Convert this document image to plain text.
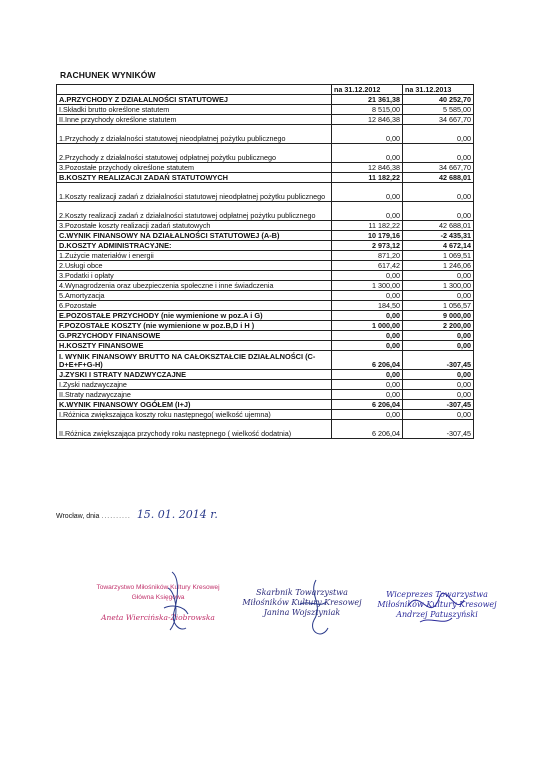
RACHUNEK WYNIKÓW
	na 31.12.2012	na 31.12.2013
A.PRZYCHODY Z DZIAŁALNOŚCI STATUTOWEJ	21 361,38	40 252,70
I.Składki brutto określone statutem	8 515,00	5 585,00
II.Inne przychody określone statutem	12 846,38	34 667,70
1.Przychody z działalności statutowej nieodpłatnej pożytku publicznego	0,00	0,00
2.Przychody z działalności statutowej odpłatnej pożytku publicznego	0,00	0,00
3.Pozostałe przychody określone statutem	12 846,38	34 667,70
B.KOSZTY REALIZACJI ZADAŃ STATUTOWYCH	11 182,22	42 688,01
1.Koszty realizacji zadań z działalności statutowej nieodpłatnej pożytku publicznego	0,00	0,00
2.Koszty realizacji zadań z działalności statutowej odpłatnej pożytku publicznego	0,00	0,00
3.Pozostałe koszty realizacji zadań statutowych	11 182,22	42 688,01
C.WYNIK FINANSOWY NA DZIAŁALNOŚCI STATUTOWEJ (A-B)	10 179,16	-2 435,31
D.KOSZTY ADMINISTRACYJNE:	2 973,12	4 672,14
1.Zużycie materiałów i energii	871,20	1 069,51
2.Usługi obce	617,42	1 246,06
3.Podatki i opłaty	0,00	0,00
4.Wynagrodzenia oraz ubezpieczenia społeczne i inne świadczenia	1 300,00	1 300,00
5.Amortyzacja	0,00	0,00
6.Pozostałe	184,50	1 056,57
E.POZOSTAŁE PRZYCHODY (nie wymienione w poz.A i G)	0,00	9 000,00
F.POZOSTAŁE KOSZTY (nie wymienione w poz.B,D i H )	1 000,00	2 200,00
G.PRZYCHODY FINANSOWE	0,00	0,00
H.KOSZTY FINANSOWE	0,00	0,00
I. WYNIK FINANSOWY BRUTTO NA CAŁOKSZTAŁCIE DZIAŁALNOŚCI (C-D+E+F+G-H)	6 206,04	-307,45
J.ZYSKI I STRATY NADZWYCZAJNE	0,00	0,00
I.Zyski nadzwyczajne	0,00	0,00
II.Straty nadzwyczajne	0,00	0,00
K.WYNIK FINANSOWY OGÓŁEM (I+J)	6 206,04	-307,45
I.Różnica zwiększająca koszty roku następnego( wielkość ujemna)	0,00	0,00
II.Różnica zwiększająca przychody roku następnego ( wielkość dodatnia)	6 206,04	-307,45
Wrocław, dnia .......... 15. 01. 2014 r.
Towarzystwo Miłośników Kultury Kresowej
Główna Księgowa
Aneta Wiercińska-Ziobrowska
Skarbnik Towarzystwa
Miłośników Kultury Kresowej
Janina Wojsztyniak
Wiceprezes Towarzystwa
Miłośników Kultury Kresowej
Andrzej Patuszyński
